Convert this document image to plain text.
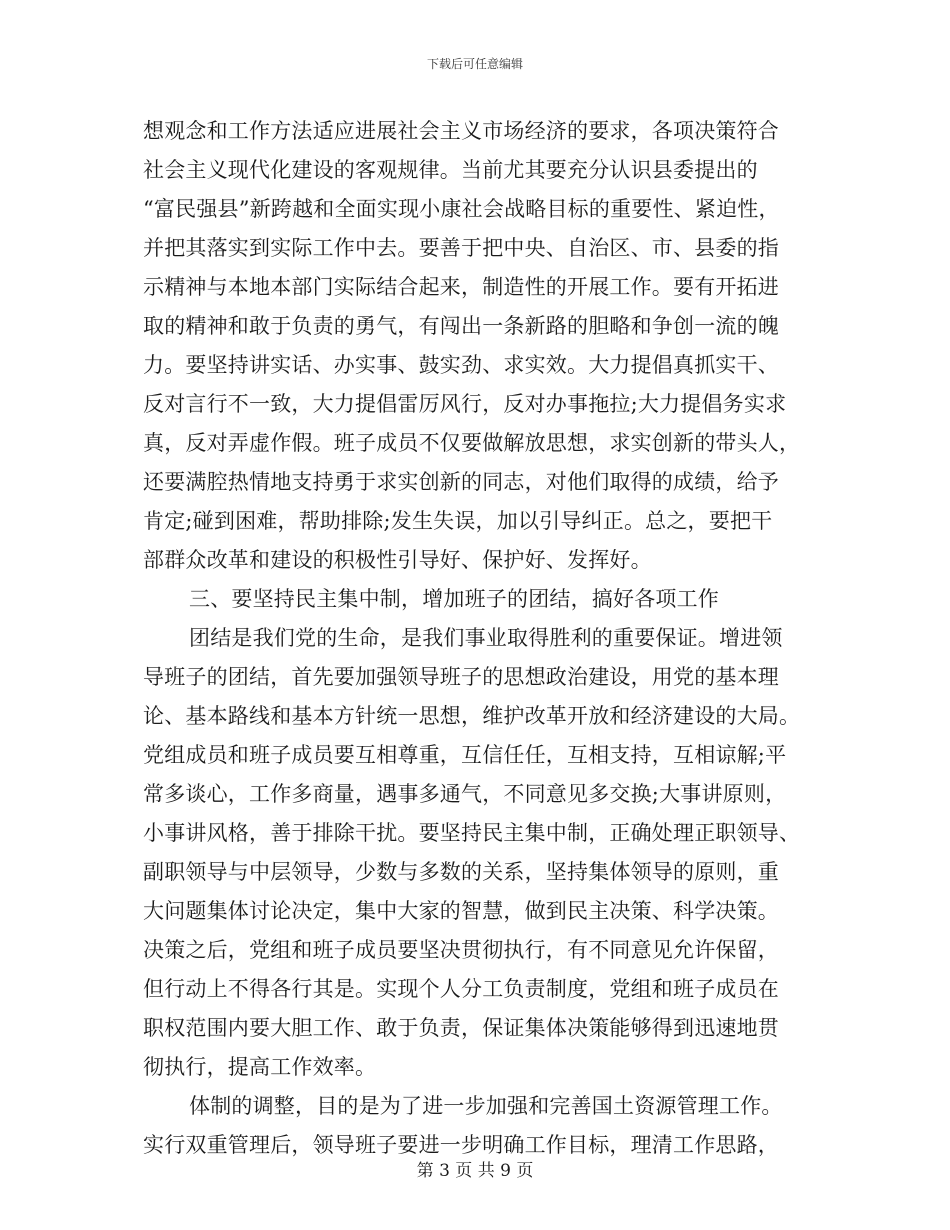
下载后可任意编辑
想观念和工作方法适应进展社会主义市场经济的要求，各项决策符合
社会主义现代化建设的客观规律。当前尤其要充分认识县委提出的
“富民强县”新跨越和全面实现小康社会战略目标的重要性、紧迫性，
并把其落实到实际工作中去。要善于把中央、自治区、市、县委的指
示精神与本地本部门实际结合起来，制造性的开展工作。要有开拓进
取的精神和敢于负责的勇气，有闯出一条新路的胆略和争创一流的魄
力。要坚持讲实话、办实事、鼓实劲、求实效。大力提倡真抓实干、
反对言行不一致，大力提倡雷厉风行，反对办事拖拉;大力提倡务实求
真，反对弄虚作假。班子成员不仅要做解放思想，求实创新的带头人，
还要满腔热情地支持勇于求实创新的同志，对他们取得的成绩，给予
肯定;碰到困难，帮助排除;发生失误，加以引导纠正。总之，要把干
部群众改革和建设的积极性引导好、保护好、发挥好。
三、要坚持民主集中制，增加班子的团结，搞好各项工作
团结是我们党的生命，是我们事业取得胜利的重要保证。增进领
导班子的团结，首先要加强领导班子的思想政治建设，用党的基本理
论、基本路线和基本方针统一思想，维护改革开放和经济建设的大局。
党组成员和班子成员要互相尊重，互信任任，互相支持，互相谅解;平
常多谈心，工作多商量，遇事多通气，不同意见多交换;大事讲原则，
小事讲风格，善于排除干扰。要坚持民主集中制，正确处理正职领导、
副职领导与中层领导，少数与多数的关系，坚持集体领导的原则，重
大问题集体讨论决定，集中大家的智慧，做到民主决策、科学决策。
决策之后，党组和班子成员要坚决贯彻执行，有不同意见允许保留，
但行动上不得各行其是。实现个人分工负责制度，党组和班子成员在
职权范围内要大胆工作、敢于负责，保证集体决策能够得到迅速地贯
彻执行，提高工作效率。
体制的调整，目的是为了进一步加强和完善国土资源管理工作。
实行双重管理后，领导班子要进一步明确工作目标，理清工作思路，
第 3 页 共 9 页
